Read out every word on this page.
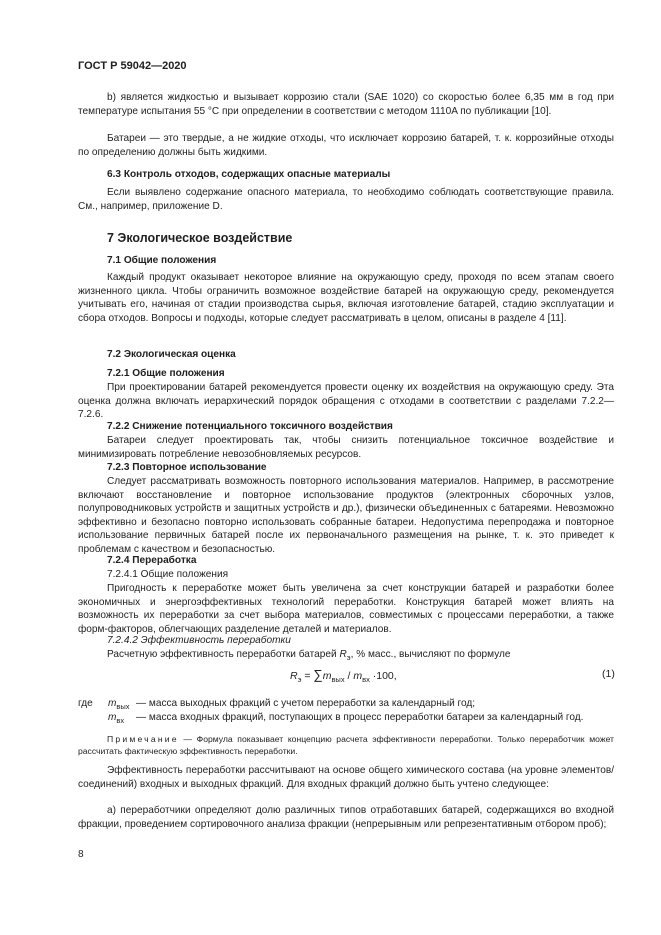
ГОСТ Р 59042—2020
b) является жидкостью и вызывает коррозию стали (SAE 1020) со скоростью более 6,35 мм в год при температуре испытания 55 °C при определении в соответствии с методом 1110A по публикации [10].
Батареи — это твердые, а не жидкие отходы, что исключает коррозию батарей, т. к. коррозийные отходы по определению должны быть жидкими.
6.3 Контроль отходов, содержащих опасные материалы
Если выявлено содержание опасного материала, то необходимо соблюдать соответствующие правила. См., например, приложение D.
7 Экологическое воздействие
7.1 Общие положения
Каждый продукт оказывает некоторое влияние на окружающую среду, проходя по всем этапам своего жизненного цикла. Чтобы ограничить возможное воздействие батарей на окружающую среду, рекомендуется учитывать его, начиная от стадии производства сырья, включая изготовление батарей, стадию эксплуатации и сбора отходов. Вопросы и подходы, которые следует рассматривать в целом, описаны в разделе 4 [11].
7.2 Экологическая оценка
7.2.1 Общие положения
При проектировании батарей рекомендуется провести оценку их воздействия на окружающую среду. Эта оценка должна включать иерархический порядок обращения с отходами в соответствии с разделами 7.2.2—7.2.6.
7.2.2 Снижение потенциального токсичного воздействия
Батареи следует проектировать так, чтобы снизить потенциальное токсичное воздействие и минимизировать потребление невозобновляемых ресурсов.
7.2.3 Повторное использование
Следует рассматривать возможность повторного использования материалов. Например, в рассмотрение включают восстановление и повторное использование продуктов (электронных сборочных узлов, полупроводниковых устройств и защитных устройств и др.), физически объединенных с батареями. Невозможно эффективно и безопасно повторно использовать собранные батареи. Недопустима перепродажа и повторное использование первичных батарей после их первоначального размещения на рынке, т. к. это приведет к проблемам с качеством и безопасностью.
7.2.4 Переработка
7.2.4.1 Общие положения
Пригодность к переработке может быть увеличена за счет конструкции батарей и разработки более экономичных и энергоэффективных технологий переработки. Конструкция батарей может влиять на возможность их переработки за счет выбора материалов, совместимых с процессами переработки, а также форм-факторов, облегчающих разделение деталей и материалов.
7.2.4.2 Эффективность переработки
Расчетную эффективность переработки батарей $R_э$, % масс., вычисляют по формуле
$R_э = \sum m_{вых} / m_{вх} \cdot 100$,	(1)
где $m_{вых}$ — масса выходных фракций с учетом переработки за календарный год;
$m_{вх}$ — масса входных фракций, поступающих в процесс переработки батареи за календарный год.
Примечание — Формула показывает концепцию расчета эффективности переработки. Только переработчик может рассчитать фактическую эффективность переработки.
Эффективность переработки рассчитывают на основе общего химического состава (на уровне элементов/соединений) входных и выходных фракций. Для входных фракций должно быть учтено следующее:
a) переработчики определяют долю различных типов отработавших батарей, содержащихся во входной фракции, проведением сортировочного анализа фракции (непрерывным или репрезентативным отбором проб);
8
